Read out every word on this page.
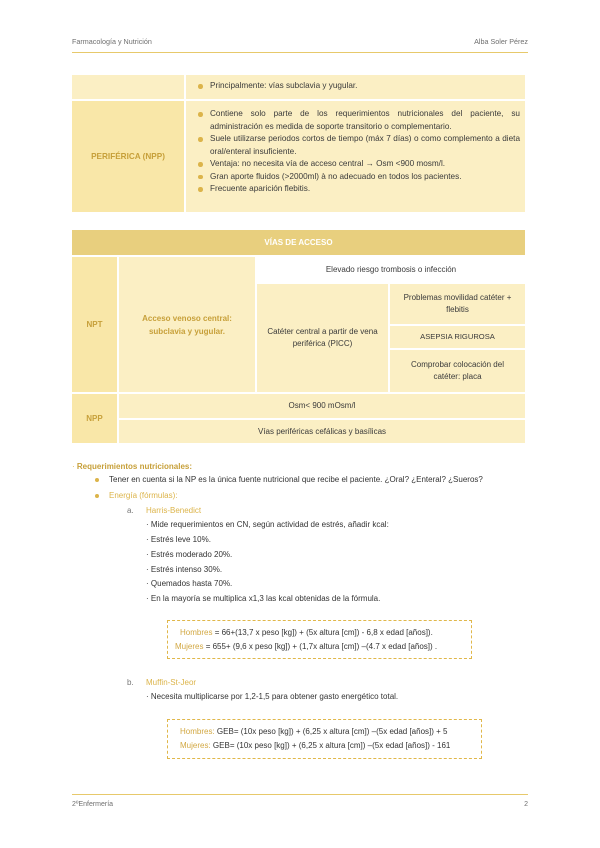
Farmacología y Nutrición	Alba Soler Pérez
Principalmente: vías subclavia y yugular.
PERIFÉRICA (NPP)
Contiene solo parte de los requerimientos nutricionales del paciente, su administración es medida de soporte transitorio o complementario.
Suele utilizarse periodos cortos de tiempo (máx 7 días) o como complemento a dieta oral/enteral insuficiente.
Ventaja: no necesita vía de acceso central → Osm <900 mosm/l.
Gran aporte fluidos (>2000ml) à no adecuado en todos los pacientes.
Frecuente aparición flebitis.
VÍAS DE ACCESO
NPT
Acceso venoso central: subclavia y yugular.
Elevado riesgo trombosis o infección
Catéter central a partir de vena periférica (PICC)
Problemas movilidad catéter + flebitis
ASEPSIA RIGUROSA
Comprobar colocación del catéter: placa
NPP
Osm< 900 mOsm/l
Vías periféricas cefálicas y basílicas
· Requerimientos nutricionales:
Tener en cuenta si la NP es la única fuente nutricional que recibe el paciente. ¿Oral? ¿Enteral? ¿Sueros?
Energía (fórmulas):
a. Harris-Benedict
· Mide requerimientos en CN, según actividad de estrés, añadir kcal:
· Estrés leve 10%.
· Estrés moderado 20%.
· Estrés intenso 30%.
· Quemados hasta 70%.
· En la mayoría se multiplica x1,3 las kcal obtenidas de la fórmula.
Hombres = 66+(13,7 x peso [kg]) + (5x altura [cm]) - 6,8 x edad [años]).
Mujeres = 655+ (9,6 x peso [kg]) + (1,7x altura [cm]) –(4.7 x edad [años]) .
b. Muffin-St-Jeor
· Necesita multiplicarse por 1,2-1,5 para obtener gasto energético total.
Hombres: GEB= (10x peso [kg]) + (6,25 x altura [cm]) –(5x edad [años]) + 5
Mujeres: GEB= (10x peso [kg]) + (6,25 x altura [cm]) –(5x edad [años]) - 161
2ºEnfermería	2
